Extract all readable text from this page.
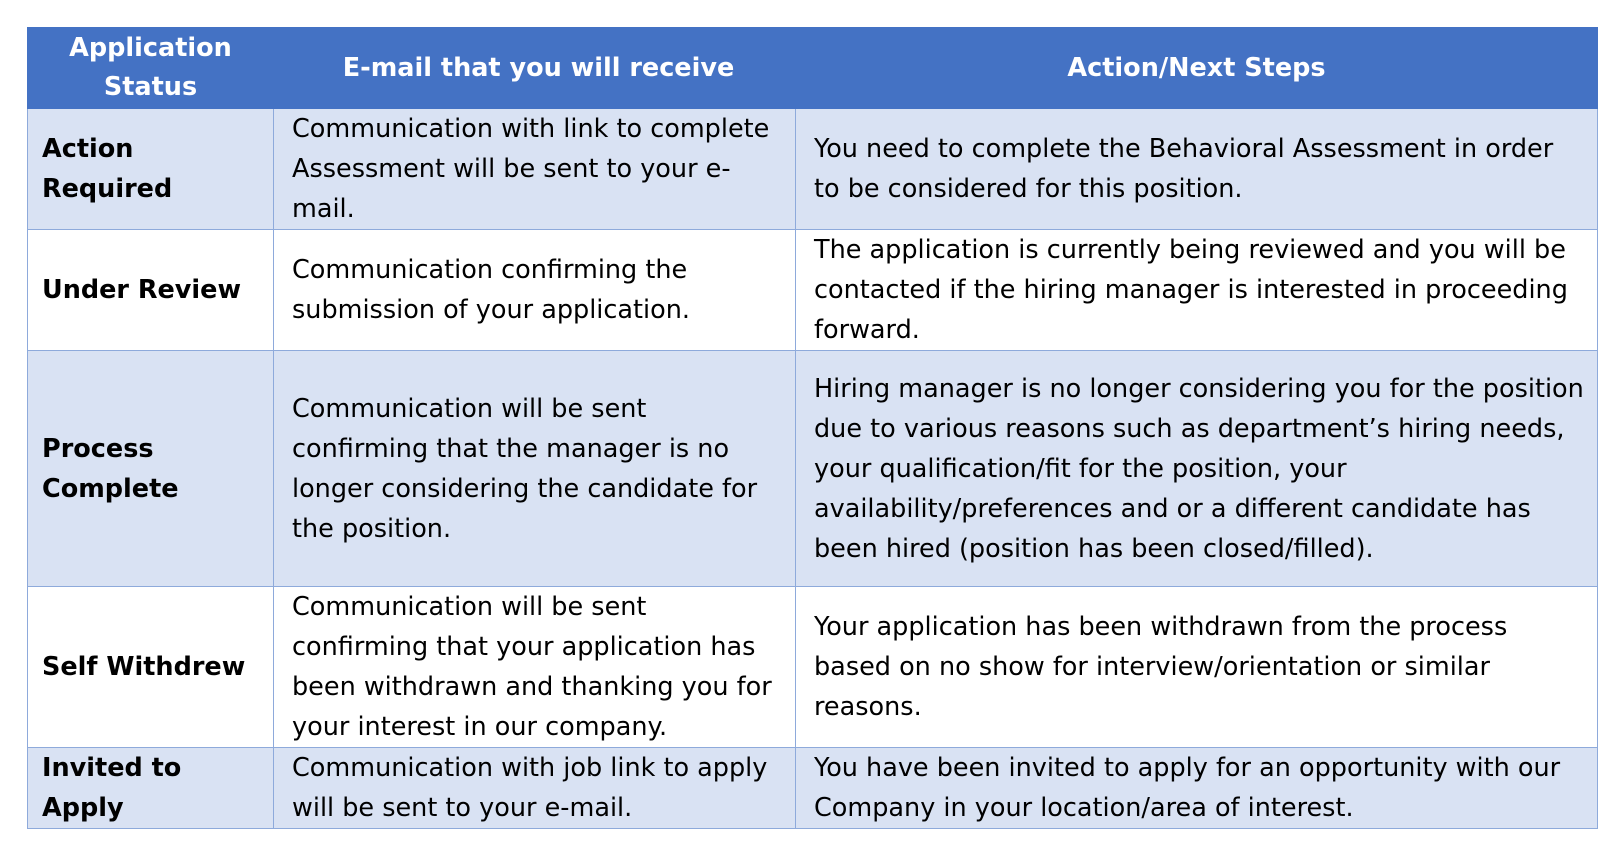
Application Status	E-mail that you will receive	Action/Next Steps
Action Required	Communication with link to complete Assessment will be sent to your e-mail.	You need to complete the Behavioral Assessment in order to be considered for this position.
Under Review	Communication confirming the submission of your application.	The application is currently being reviewed and you will be contacted if the hiring manager is interested in proceeding forward.
Process Complete	Communication will be sent confirming that the manager is no longer considering the candidate for the position.	Hiring manager is no longer considering you for the position due to various reasons such as department’s hiring needs, your qualification/fit for the position, your availability/preferences and or a different candidate has been hired (position has been closed/filled).
Self Withdrew	Communication will be sent confirming that your application has been withdrawn and thanking you for your interest in our company.	Your application has been withdrawn from the process based on no show for interview/orientation or similar reasons.
Invited to Apply	Communication with job link to apply will be sent to your e-mail.	You have been invited to apply for an opportunity with our Company in your location/area of interest.
